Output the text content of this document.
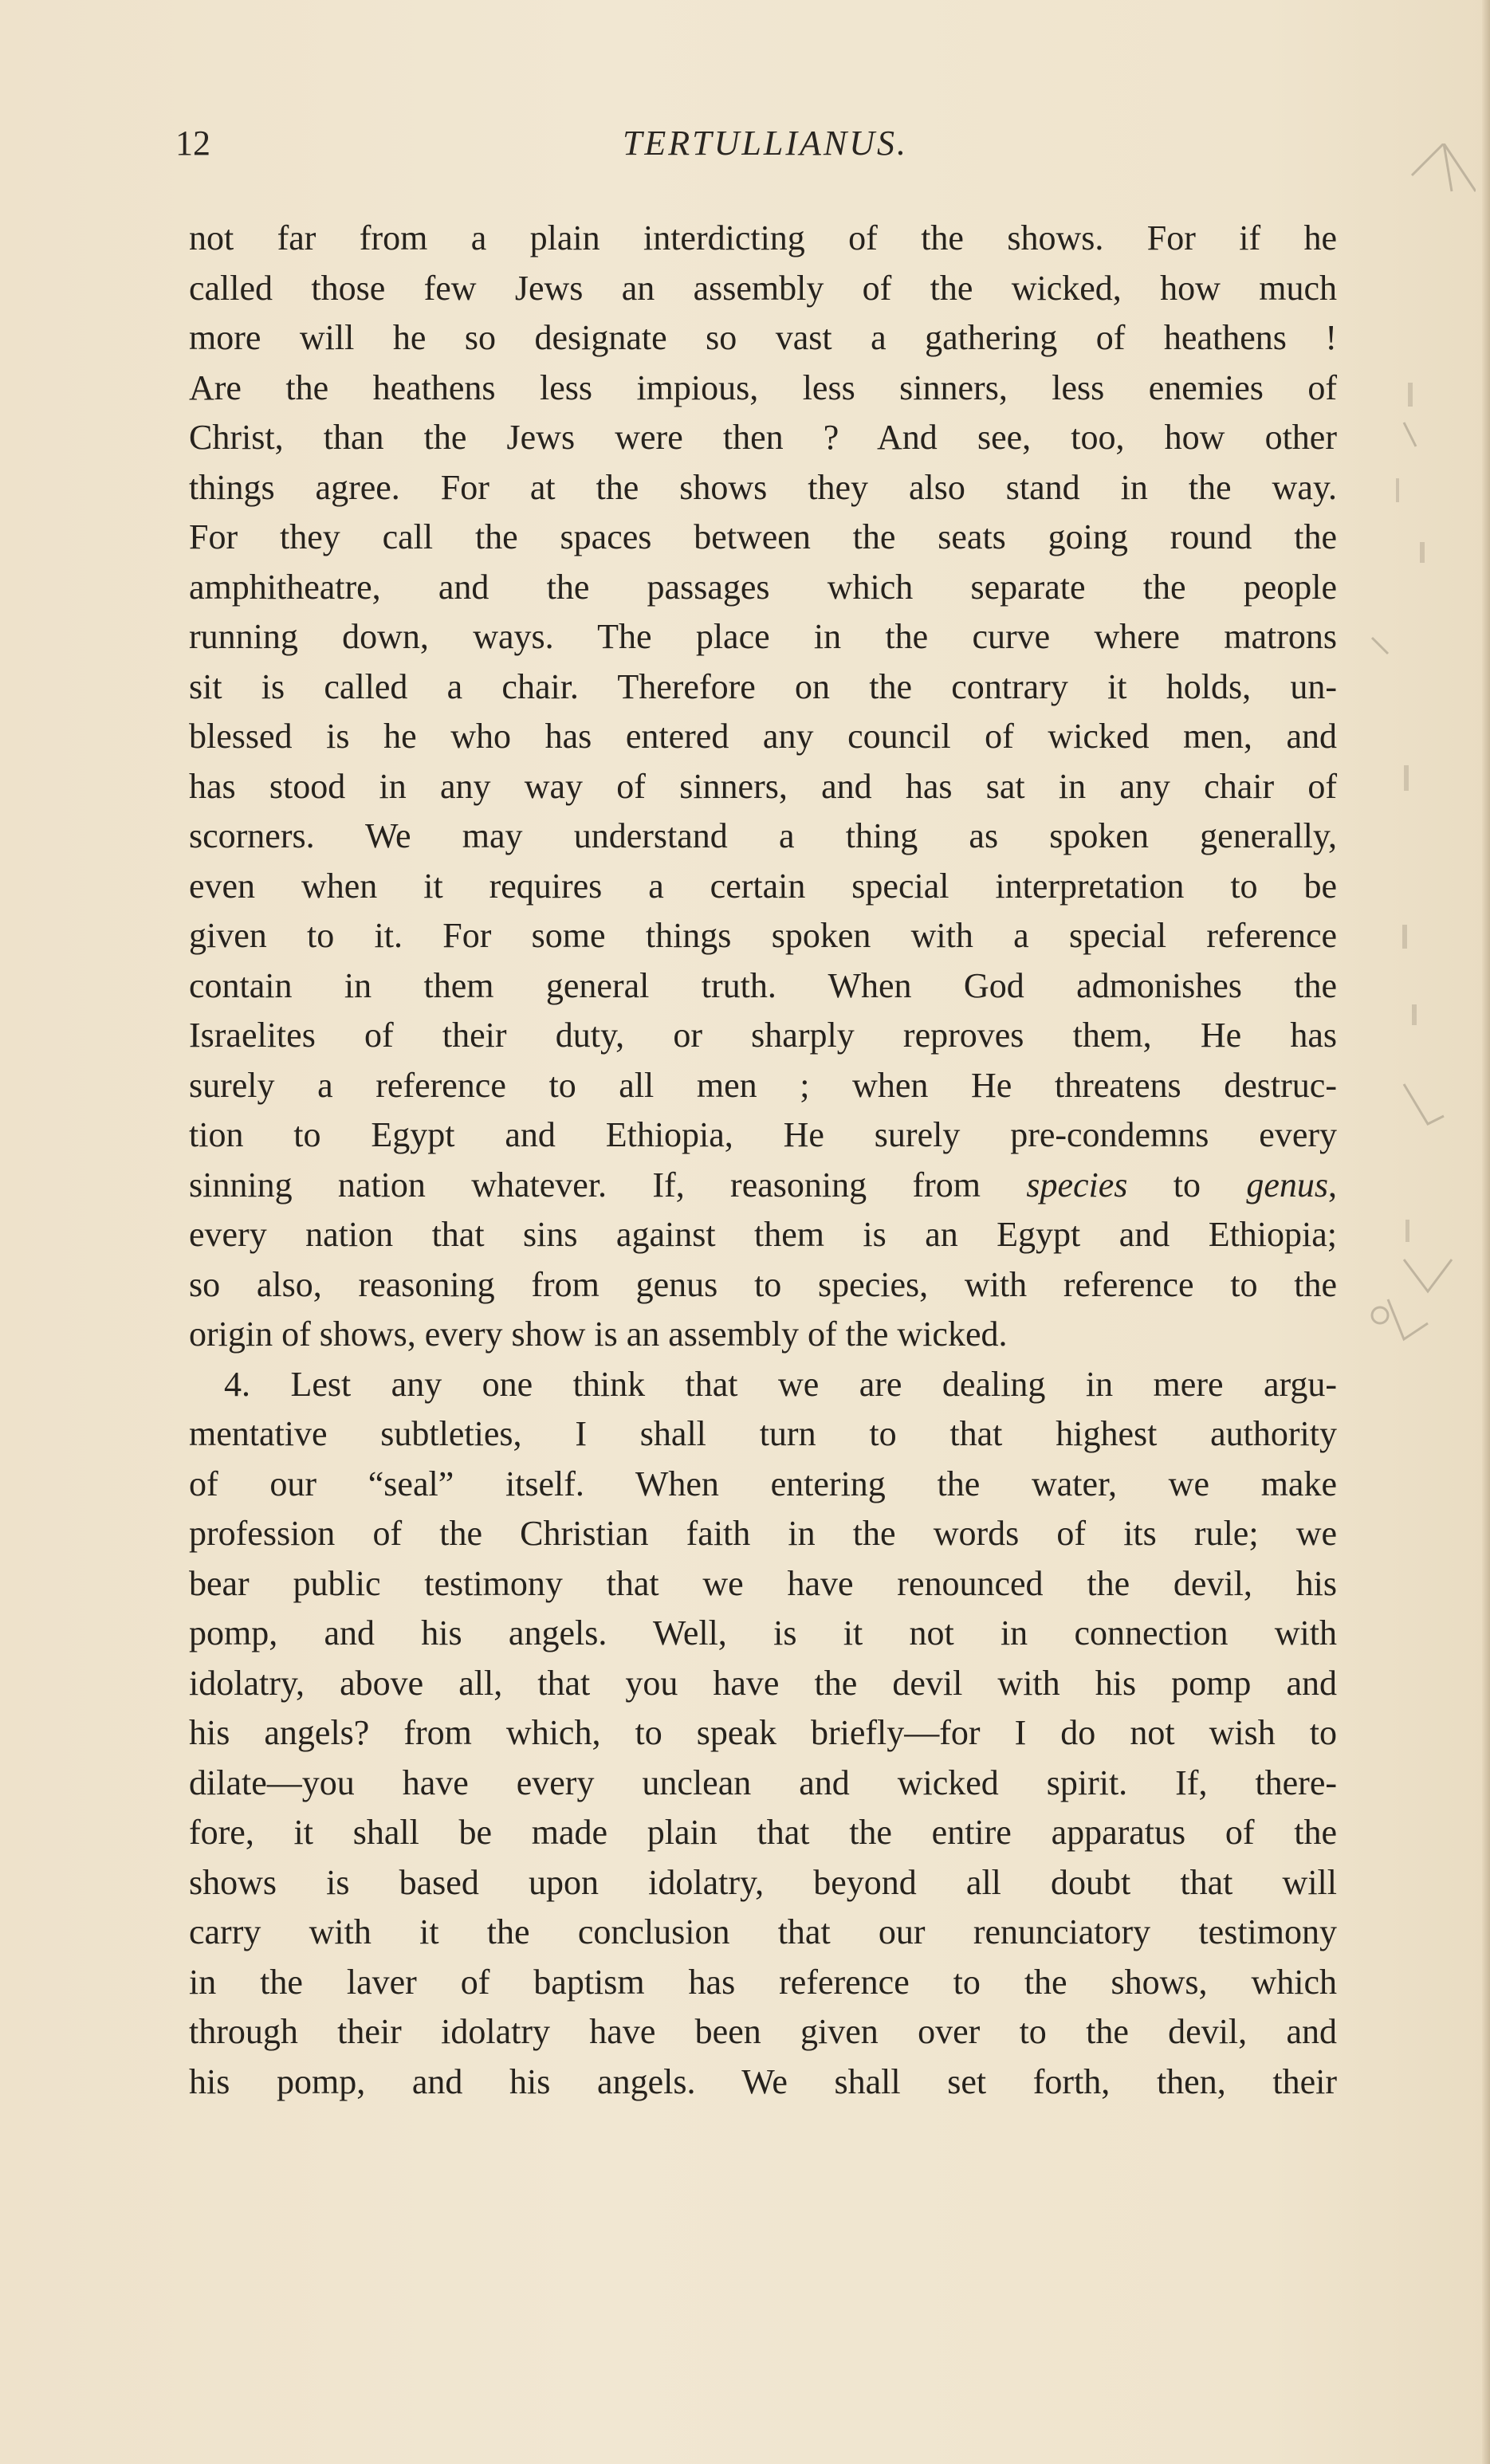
12	TERTULLIANUS.
not far from a plain interdicting of the shows. For if he
called those few Jews an assembly of the wicked, how much
more will he so designate so vast a gathering of heathens !
Are the heathens less impious, less sinners, less enemies of
Christ, than the Jews were then ? And see, too, how other
things agree. For at the shows they also stand in the way.
For they call the spaces between the seats going round the
amphitheatre, and the passages which separate the people
running down, ways. The place in the curve where matrons
sit is called a chair. Therefore on the contrary it holds, un-
blessed is he who has entered any council of wicked men, and
has stood in any way of sinners, and has sat in any chair of
scorners. We may understand a thing as spoken generally,
even when it requires a certain special interpretation to be
given to it. For some things spoken with a special reference
contain in them general truth. When God admonishes the
Israelites of their duty, or sharply reproves them, He has
surely a reference to all men ; when He threatens destruc-
tion to Egypt and Ethiopia, He surely pre-condemns every
sinning nation whatever. If, reasoning from species to genus,
every nation that sins against them is an Egypt and Ethiopia;
so also, reasoning from genus to species, with reference to the
origin of shows, every show is an assembly of the wicked.
4. Lest any one think that we are dealing in mere argu-
mentative subtleties, I shall turn to that highest authority
of our “seal” itself. When entering the water, we make
profession of the Christian faith in the words of its rule; we
bear public testimony that we have renounced the devil, his
pomp, and his angels. Well, is it not in connection with
idolatry, above all, that you have the devil with his pomp and
his angels? from which, to speak briefly—for I do not wish to
dilate—you have every unclean and wicked spirit. If, there-
fore, it shall be made plain that the entire apparatus of the
shows is based upon idolatry, beyond all doubt that will
carry with it the conclusion that our renunciatory testimony
in the laver of baptism has reference to the shows, which
through their idolatry have been given over to the devil, and
his pomp, and his angels. We shall set forth, then, their
